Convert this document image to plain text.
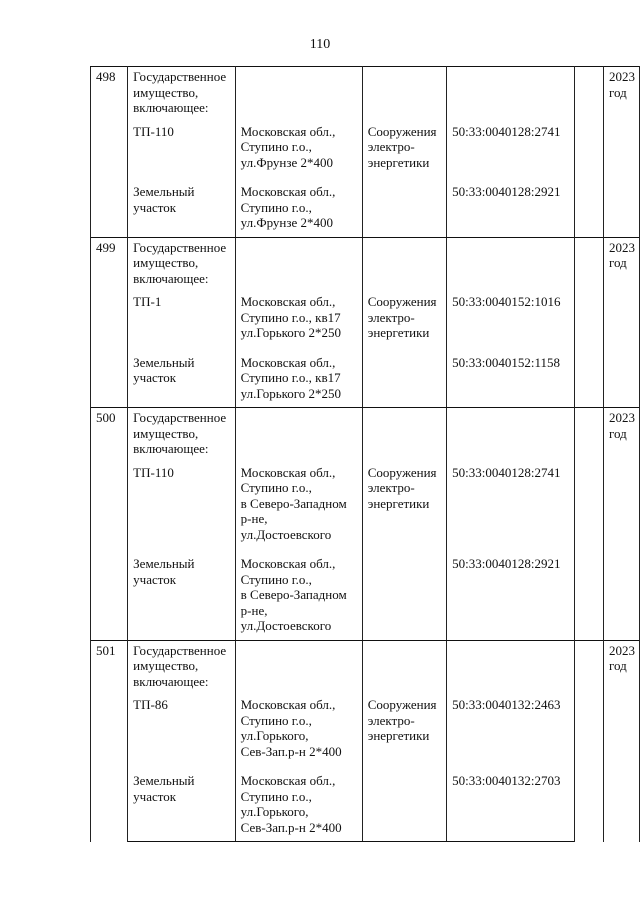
110
498	Государственное
имущество,
включающее:					2023
год

	ТП-110	Московская обл.,
Ступино г.о.,
ул.Фрунзе 2*400	Сооружения
электро-
энергетики	50:33:0040128:2741		

	Земельный
участок	Московская обл.,
Ступино г.о.,
ул.Фрунзе 2*400		50:33:0040128:2921		

499	Государственное
имущество,
включающее:					2023
год

	ТП-1	Московская обл.,
Ступино г.о., кв17
ул.Горького 2*250	Сооружения
электро-
энергетики	50:33:0040152:1016		

	Земельный
участок	Московская обл.,
Ступино г.о., кв17
ул.Горького 2*250		50:33:0040152:1158		

500	Государственное
имущество,
включающее:					2023
год

	ТП-110	Московская обл.,
Ступино г.о.,
в Северо-Западном
р-не,
ул.Достоевского	Сооружения
электро-
энергетики	50:33:0040128:2741		

	Земельный
участок	Московская обл.,
Ступино г.о.,
в Северо-Западном
р-не,
ул.Достоевского		50:33:0040128:2921		

501	Государственное
имущество,
включающее:					2023
год

	ТП-86	Московская обл.,
Ступино г.о.,
ул.Горького,
Сев-Зап.р-н 2*400	Сооружения
электро-
энергетики	50:33:0040132:2463		

	Земельный
участок	Московская обл.,
Ступино г.о.,
ул.Горького,
Сев-Зап.р-н 2*400		50:33:0040132:2703		
